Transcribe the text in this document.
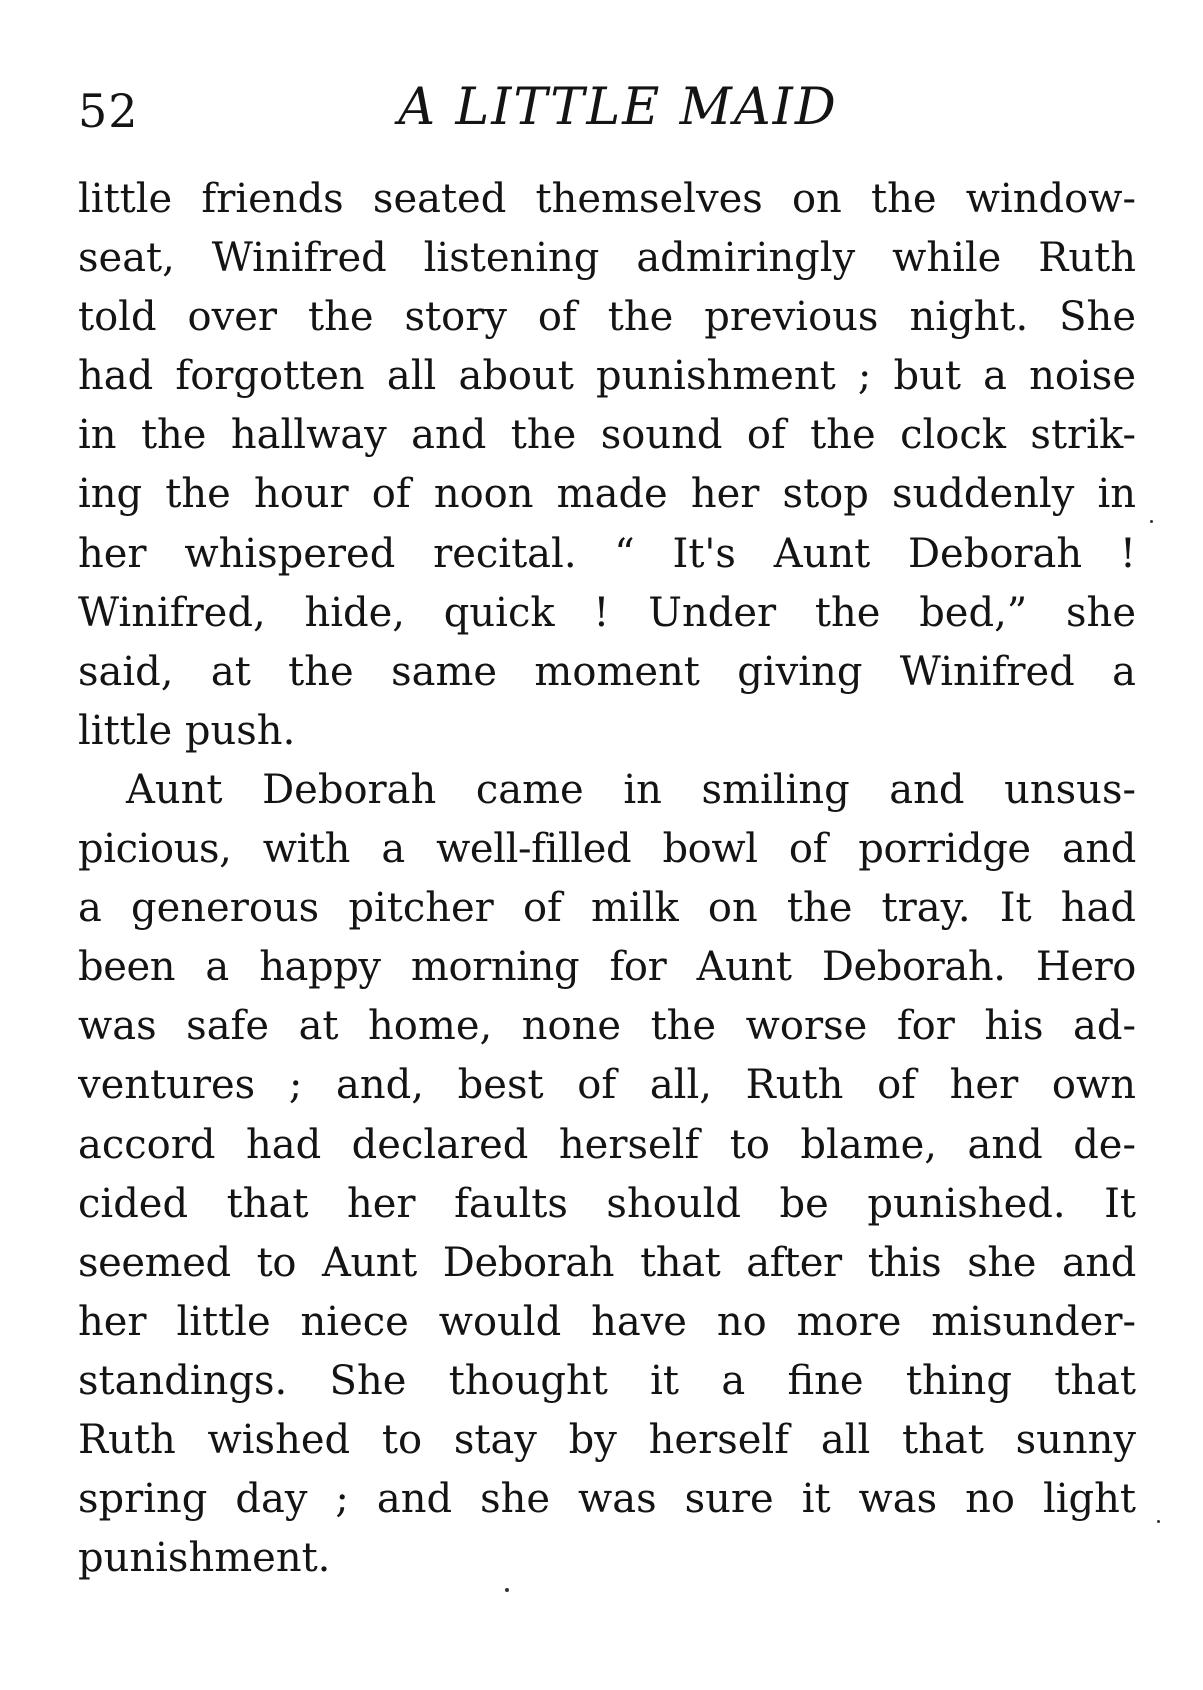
52	A LITTLE MAID
little friends seated themselves on the window-
seat, Winifred listening admiringly while Ruth
told over the story of the previous night. She
had forgotten all about punishment ; but a noise
in the hallway and the sound of the clock strik-
ing the hour of noon made her stop suddenly in
her whispered recital. “ It's Aunt Deborah !
Winifred, hide, quick ! Under the bed,” she
said, at the same moment giving Winifred a
little push.
Aunt Deborah came in smiling and unsus-
picious, with a well-filled bowl of porridge and
a generous pitcher of milk on the tray. It had
been a happy morning for Aunt Deborah. Hero
was safe at home, none the worse for his ad-
ventures ; and, best of all, Ruth of her own
accord had declared herself to blame, and de-
cided that her faults should be punished. It
seemed to Aunt Deborah that after this she and
her little niece would have no more misunder-
standings. She thought it a fine thing that
Ruth wished to stay by herself all that sunny
spring day ; and she was sure it was no light
punishment.
